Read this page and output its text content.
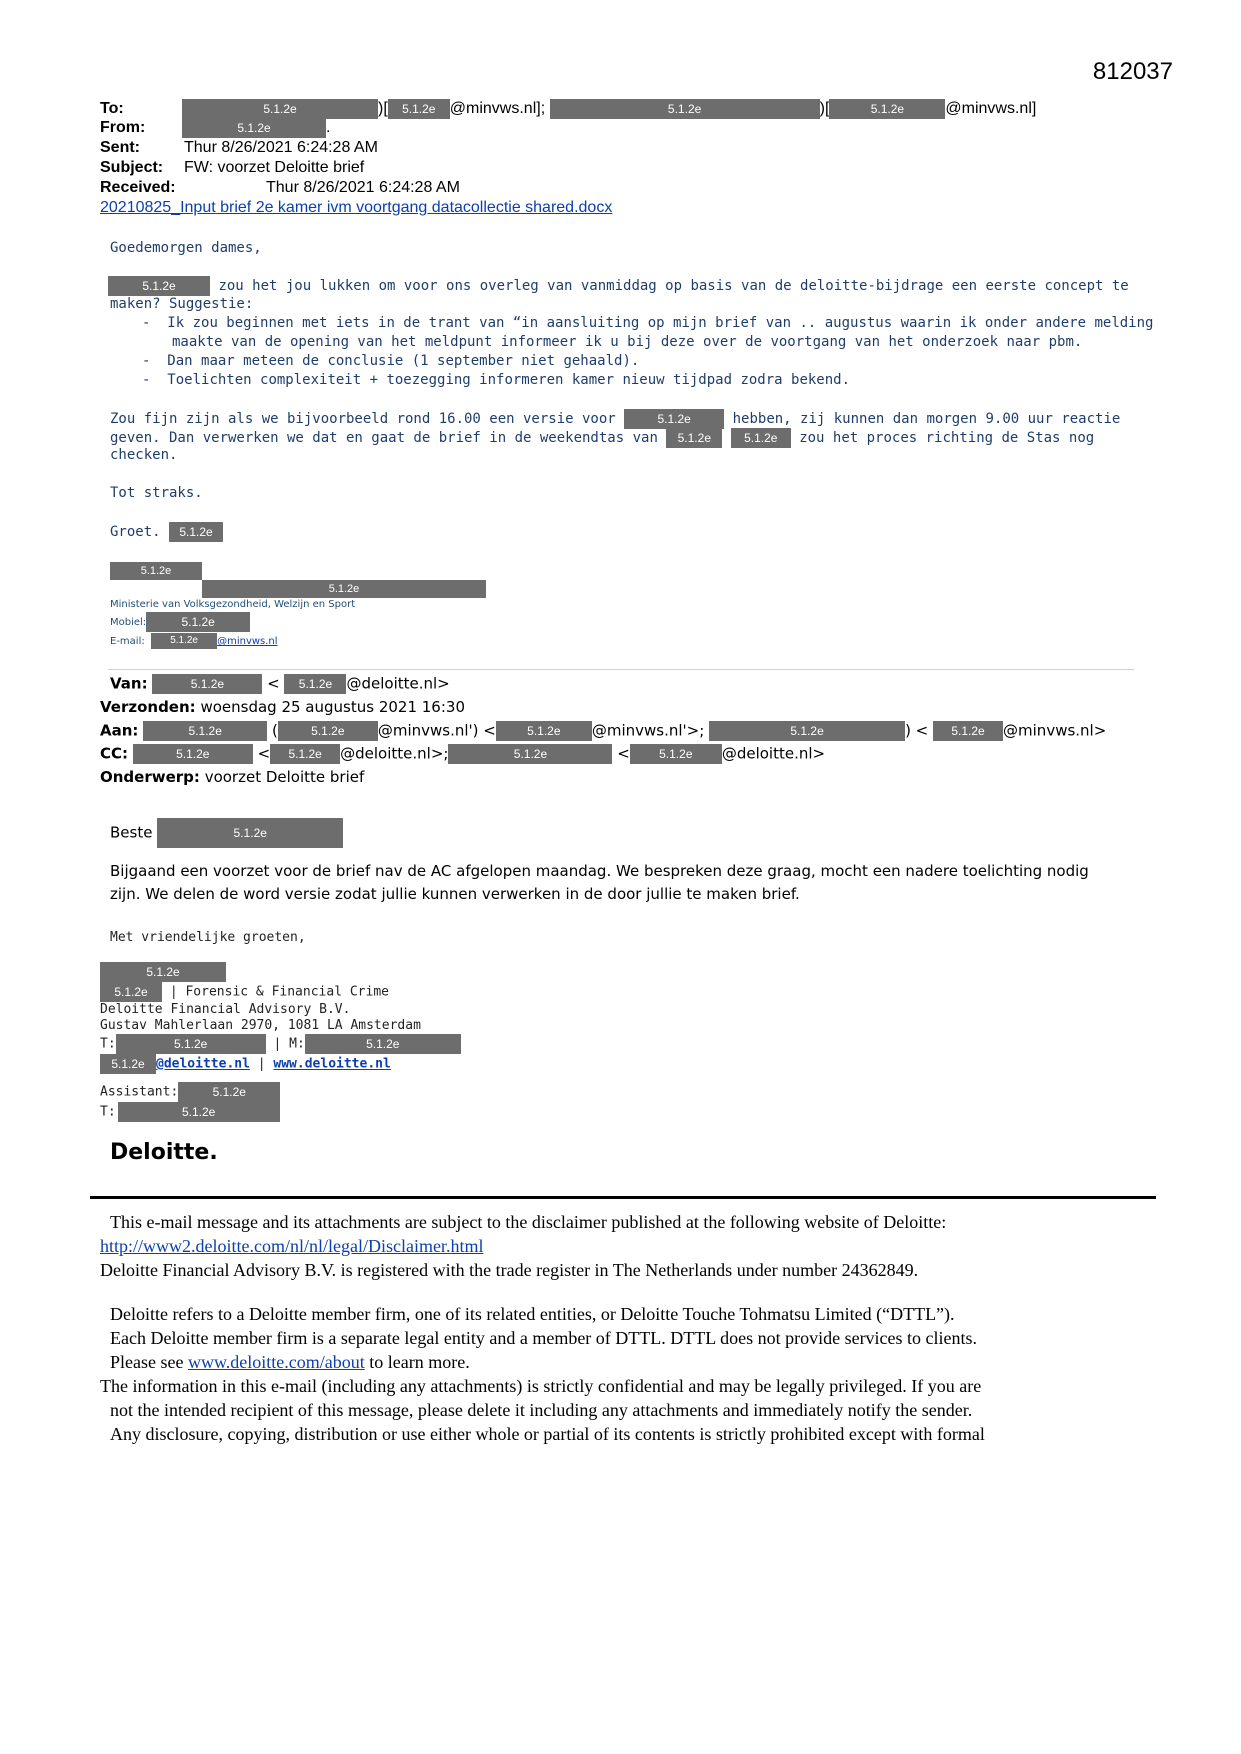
812037
To:	5.1.2e	)[ 5.1.2e @minvws.nl];	5.1.2e	)[	5.1.2e	@minvws.nl]
From:	5.1.2e	.
Sent:	Thur 8/26/2021 6:24:28 AM
Subject: FW: voorzet Deloitte brief
Received:	Thur 8/26/2021 6:24:28 AM
20210825_Input brief 2e kamer ivm voortgang datacollectie shared.docx
Goedemorgen dames,
5.1.2e	zou het jou lukken om voor ons overleg van vanmiddag op basis van de deloitte-bijdrage een eerste concept te
maken? Suggestie:
-  Ik zou beginnen met iets in de trant van “in aansluiting op mijn brief van .. augustus waarin ik onder andere melding
maakte van de opening van het meldpunt informeer ik u bij deze over de voortgang van het onderzoek naar pbm.
-  Dan maar meteen de conclusie (1 september niet gehaald).
-  Toelichten complexiteit + toezegging informeren kamer nieuw tijdpad zodra bekend.
Zou fijn zijn als we bijvoorbeeld rond 16.00 een versie voor	5.1.2e	hebben, zij kunnen dan morgen 9.00 uur reactie
geven. Dan verwerken we dat en gaat de brief in de weekendtas van 5.1.2e	5.1.2e zou het proces richting de Stas nog
checken.
Tot straks.
Groet. 5.1.2e
5.1.2e
5.1.2e
Ministerie van Volksgezondheid, Welzijn en Sport
Mobiel:	5.1.2e
E-mail:	5.1.2e @minvws.nl
Van:	5.1.2e	< 5.1.2e @deloitte.nl>
Verzonden: woensdag 25 augustus 2021 16:30
Aan:	5.1.2e	(	5.1.2e @minvws.nl') <	5.1.2e @minvws.nl'>;	5.1.2e	) < 5.1.2e @minvws.nl>
CC:	5.1.2e	< 5.1.2e @deloitte.nl>;	5.1.2e	< 5.1.2e @deloitte.nl>
Onderwerp: voorzet Deloitte brief
Beste	5.1.2e
Bijgaand een voorzet voor de brief nav de AC afgelopen maandag. We bespreken deze graag, mocht een nadere toelichting nodig
zijn. We delen de word versie zodat jullie kunnen verwerken in de door jullie te maken brief.
Met vriendelijke groeten,
5.1.2e
5.1.2e | Forensic & Financial Crime
Deloitte Financial Advisory B.V.
Gustav Mahlerlaan 2970, 1081 LA Amsterdam
T:	5.1.2e	| M:	5.1.2e
5.1.2e @deloitte.nl | www.deloitte.nl
Assistant:	5.1.2e
T:	5.1.2e
Deloitte.
This e-mail message and its attachments are subject to the disclaimer published at the following website of Deloitte:
http://www2.deloitte.com/nl/nl/legal/Disclaimer.html
Deloitte Financial Advisory B.V. is registered with the trade register in The Netherlands under number 24362849.
Deloitte refers to a Deloitte member firm, one of its related entities, or Deloitte Touche Tohmatsu Limited (“DTTL”).
Each Deloitte member firm is a separate legal entity and a member of DTTL. DTTL does not provide services to clients.
Please see www.deloitte.com/about to learn more.
The information in this e-mail (including any attachments) is strictly confidential and may be legally privileged. If you are
not the intended recipient of this message, please delete it including any attachments and immediately notify the sender.
Any disclosure, copying, distribution or use either whole or partial of its contents is strictly prohibited except with formal
